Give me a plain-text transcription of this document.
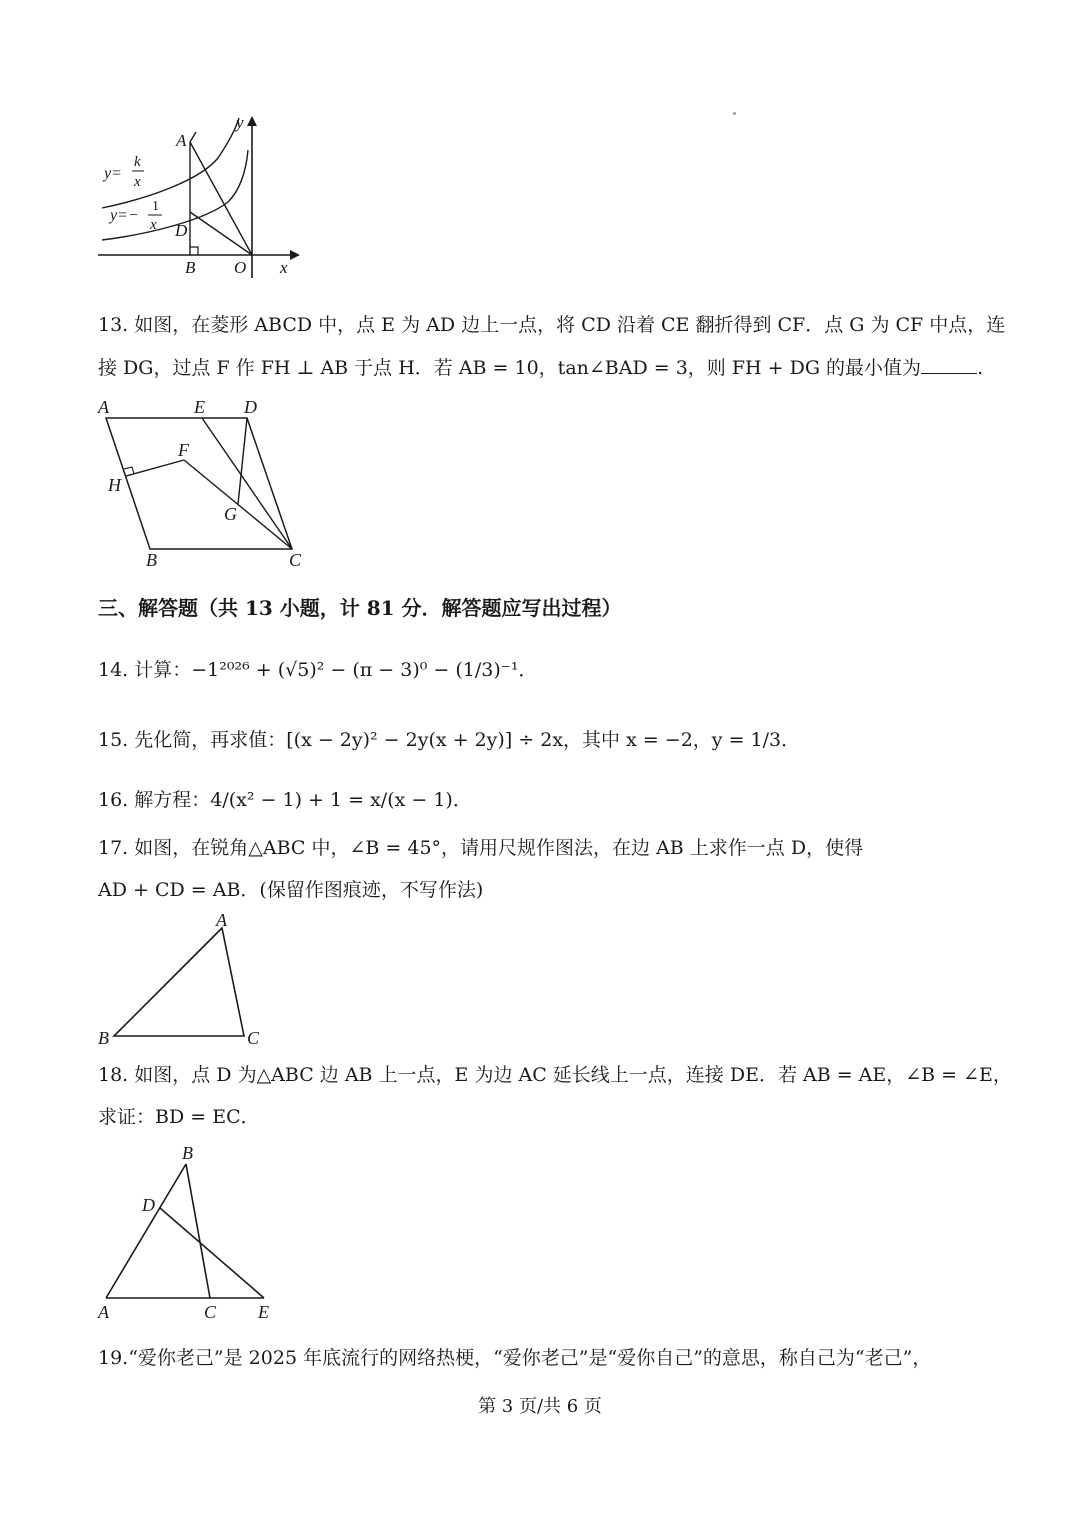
A
D
B O x
y
y=
k
x
y=−
1
x
13. 如图，在菱形 ABCD 中，点 E 为 AD 边上一点，将 CD 沿着 CE 翻折得到 CF．点 G 为 CF 中点，连
接 DG，过点 F 作 FH ⊥ AB 于点 H．若 AB = 10，tan∠BAD = 3，则 FH + DG 的最小值为	.
A	E D
F
H
G
B	C
三、解答题（共 13 小题，计 81 分．解答题应写出过程）
14. 计算：−1²⁰²⁶ + (√5)² − (π − 3)⁰ − (1/3)⁻¹．
15. 先化简，再求值：[(x − 2y)² − 2y(x + 2y)] ÷ 2x，其中 x = −2，y = 1/3．
16. 解方程：4/(x² − 1) + 1 = x/(x − 1)．
17. 如图，在锐角△ABC 中，∠B = 45°，请用尺规作图法，在边 AB 上求作一点 D，使得
AD + CD = AB．(保留作图痕迹，不写作法)
A
B	C
18. 如图，点 D 为△ABC 边 AB 上一点，E 为边 AC 延长线上一点，连接 DE．若 AB = AE，∠B = ∠E，
求证：BD = EC．
B
D
A	C E
19.“爱你老己”是 2025 年底流行的网络热梗，“爱你老己”是“爱你自己”的意思，称自己为“老己”，
第 3 页/共 6 页
